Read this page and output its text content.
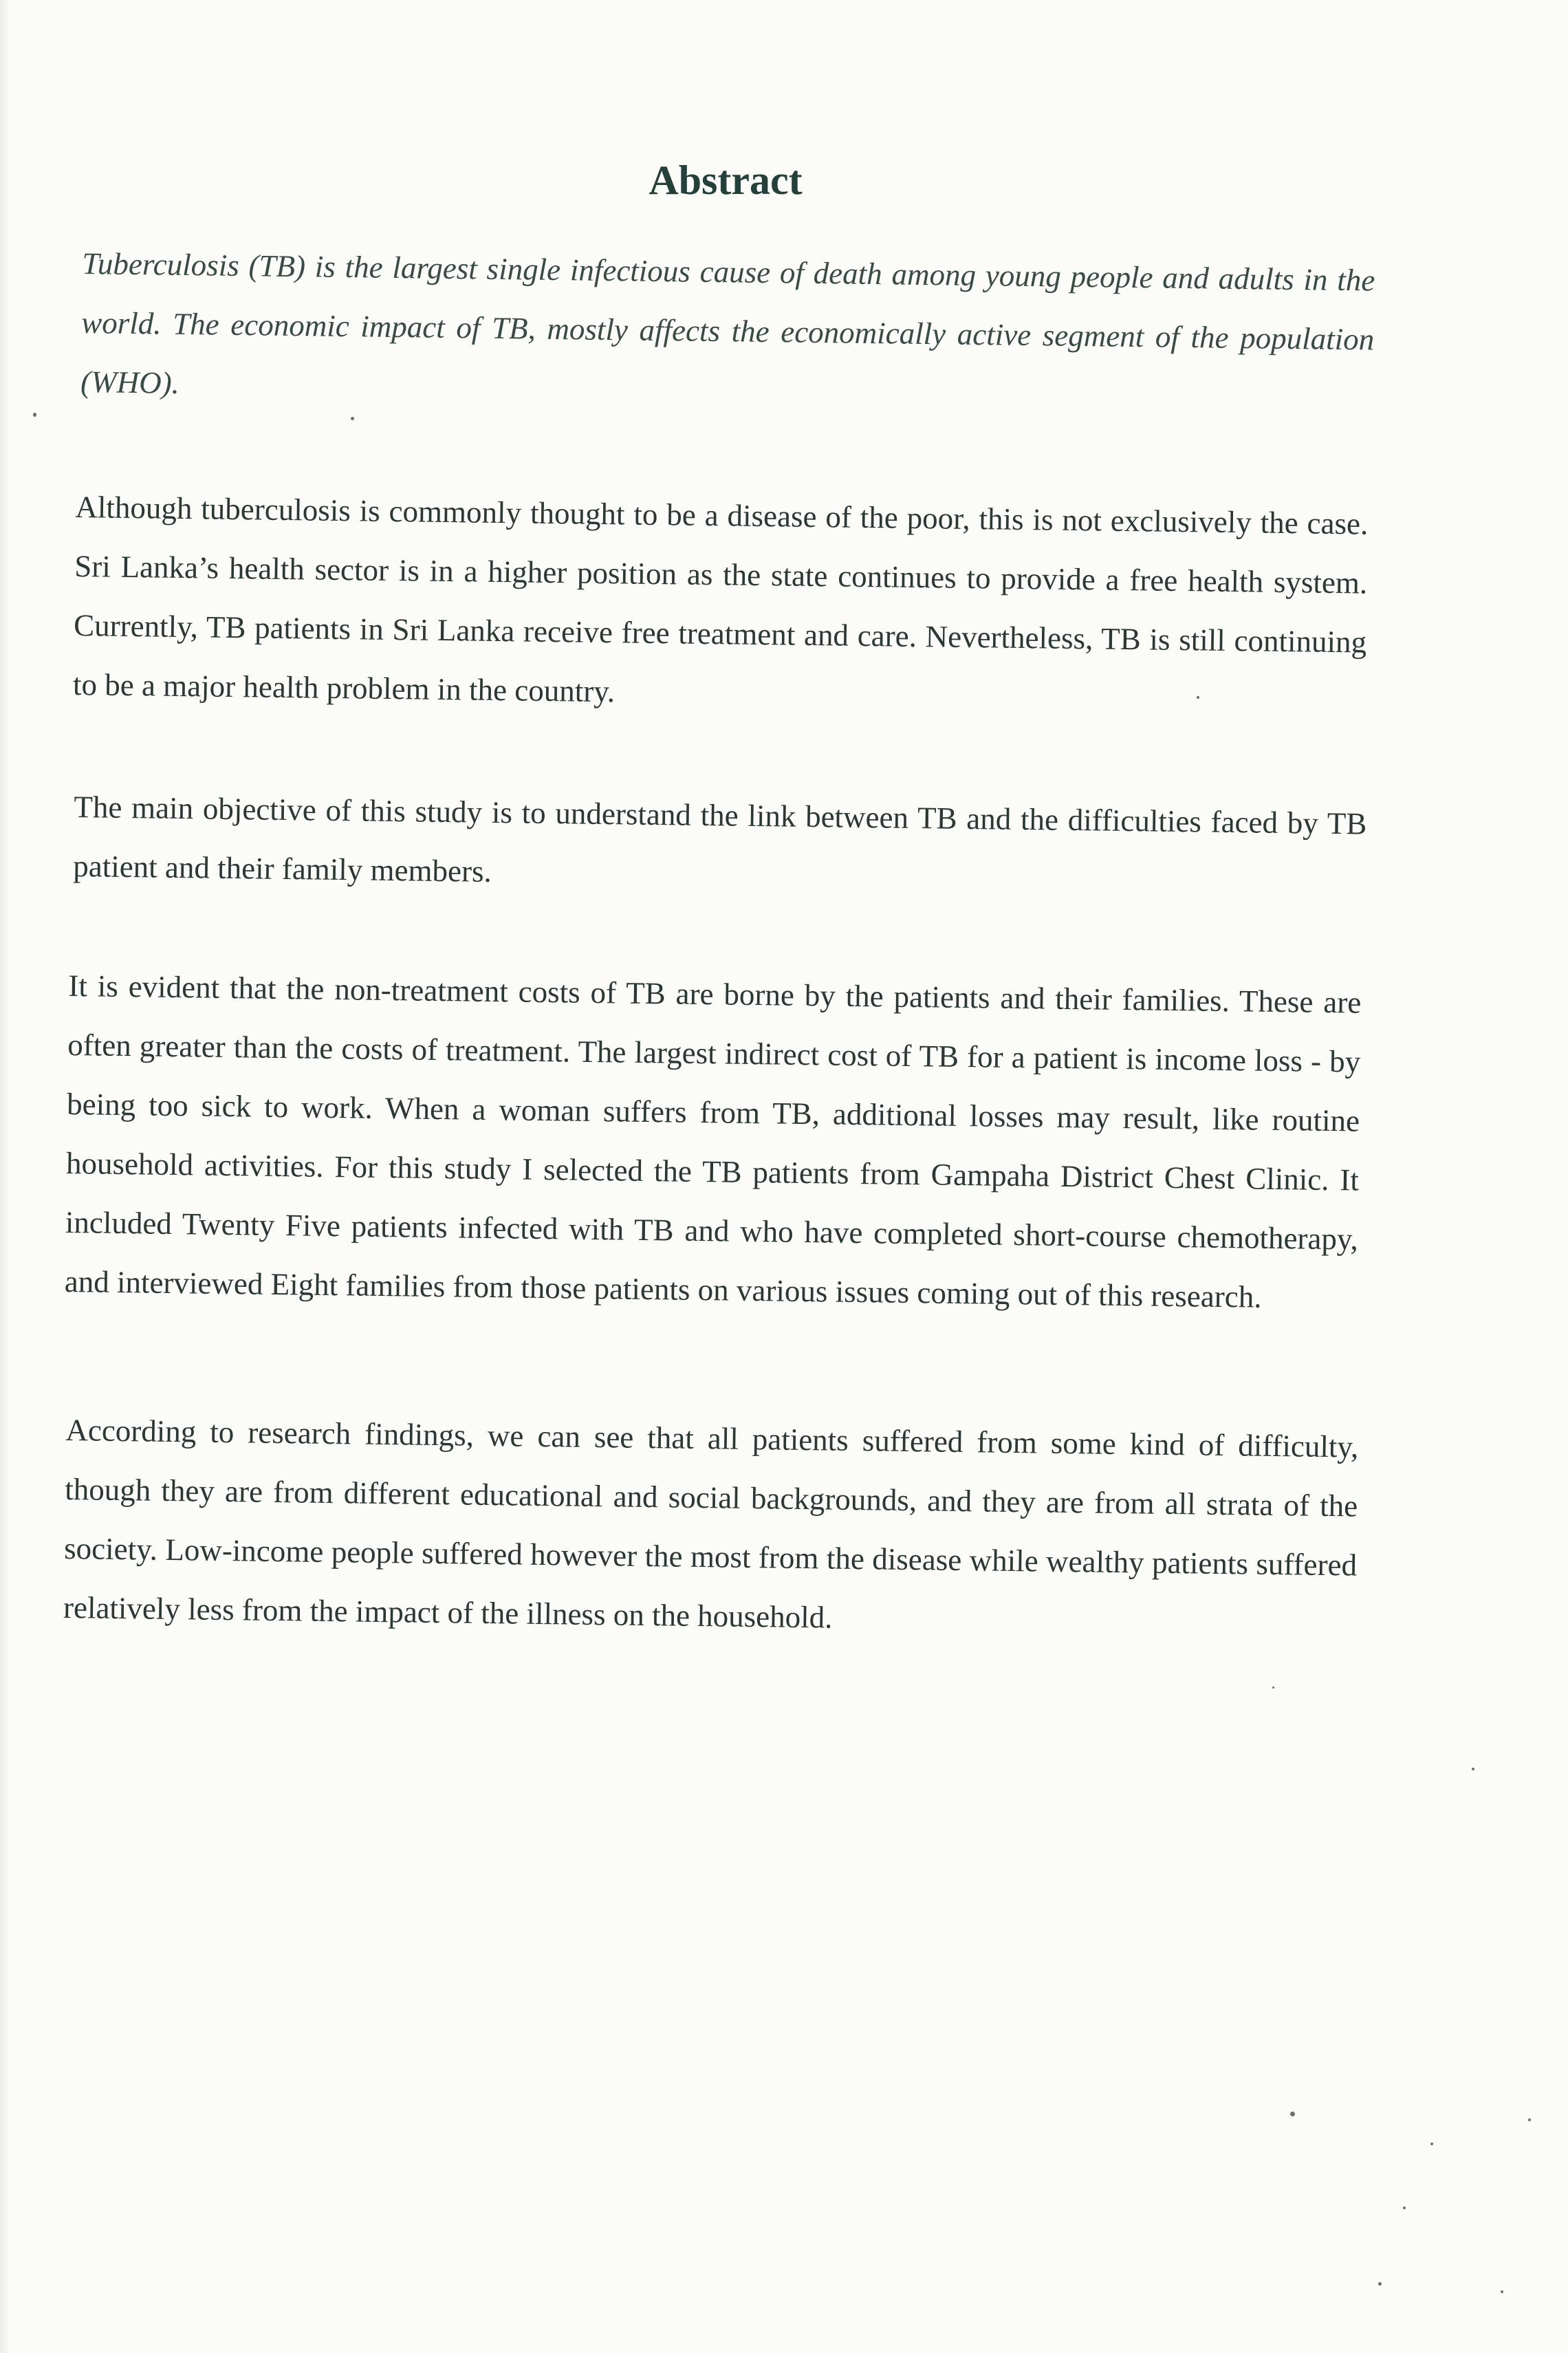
Abstract

Tuberculosis (TB) is the largest single infectious cause of death among young people and adults in the world. The economic impact of TB, mostly affects the economically active segment of the population (WHO).

Although tuberculosis is commonly thought to be a disease of the poor, this is not exclusively the case. Sri Lanka’s health sector is in a higher position as the state continues to provide a free health system. Currently, TB patients in Sri Lanka receive free treatment and care. Nevertheless, TB is still continuing to be a major health problem in the country.

The main objective of this study is to understand the link between TB and the difficulties faced by TB patient and their family members.

It is evident that the non-treatment costs of TB are borne by the patients and their families. These are often greater than the costs of treatment. The largest indirect cost of TB for a patient is income loss - by being too sick to work. When a woman suffers from TB, additional losses may result, like routine household activities. For this study I selected the TB patients from Gampaha District Chest Clinic. It included Twenty Five patients infected with TB and who have completed short-course chemotherapy, and interviewed Eight families from those patients on various issues coming out of this research.

According to research findings, we can see that all patients suffered from some kind of difficulty, though they are from different educational and social backgrounds, and they are from all strata of the society. Low-income people suffered however the most from the disease while wealthy patients suffered relatively less from the impact of the illness on the household.
